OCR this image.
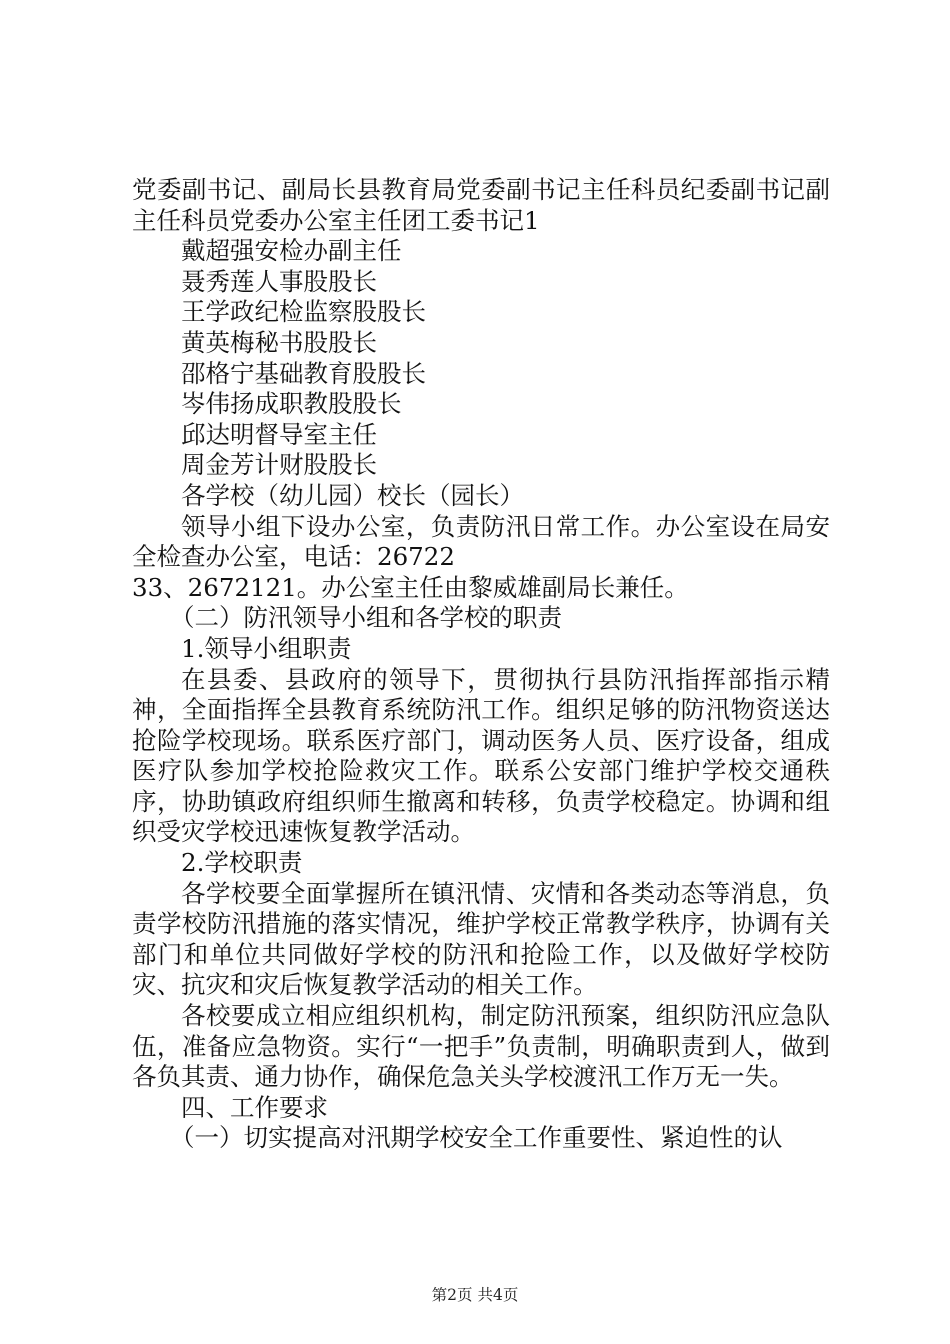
党委副书记、副局长县教育局党委副书记主任科员纪委副书记副主任科员党委办公室主任团工委书记1

戴超强安检办副主任

聂秀莲人事股股长

王学政纪检监察股股长

黄英梅秘书股股长

邵格宁基础教育股股长

岑伟扬成职教股股长

邱达明督导室主任

周金芳计财股股长

各学校（幼儿园）校长（园长）

领导小组下设办公室，负责防汛日常工作。办公室设在局安全检查办公室，电话：26722

33、2672121。办公室主任由黎威雄副局长兼任。

（二）防汛领导小组和各学校的职责

1.领导小组职责

在县委、县政府的领导下，贯彻执行县防汛指挥部指示精神，全面指挥全县教育系统防汛工作。组织足够的防汛物资送达抢险学校现场。联系医疗部门，调动医务人员、医疗设备，组成医疗队参加学校抢险救灾工作。联系公安部门维护学校交通秩序，协助镇政府组织师生撤离和转移，负责学校稳定。协调和组织受灾学校迅速恢复教学活动。

2.学校职责

各学校要全面掌握所在镇汛情、灾情和各类动态等消息，负责学校防汛措施的落实情况，维护学校正常教学秩序，协调有关部门和单位共同做好学校的防汛和抢险工作，以及做好学校防灾、抗灾和灾后恢复教学活动的相关工作。

各校要成立相应组织机构，制定防汛预案，组织防汛应急队伍，准备应急物资。实行“一把手”负责制，明确职责到人，做到各负其责、通力协作，确保危急关头学校渡汛工作万无一失。

四、工作要求

（一）切实提高对汛期学校安全工作重要性、紧迫性的认

第2页 共4页
